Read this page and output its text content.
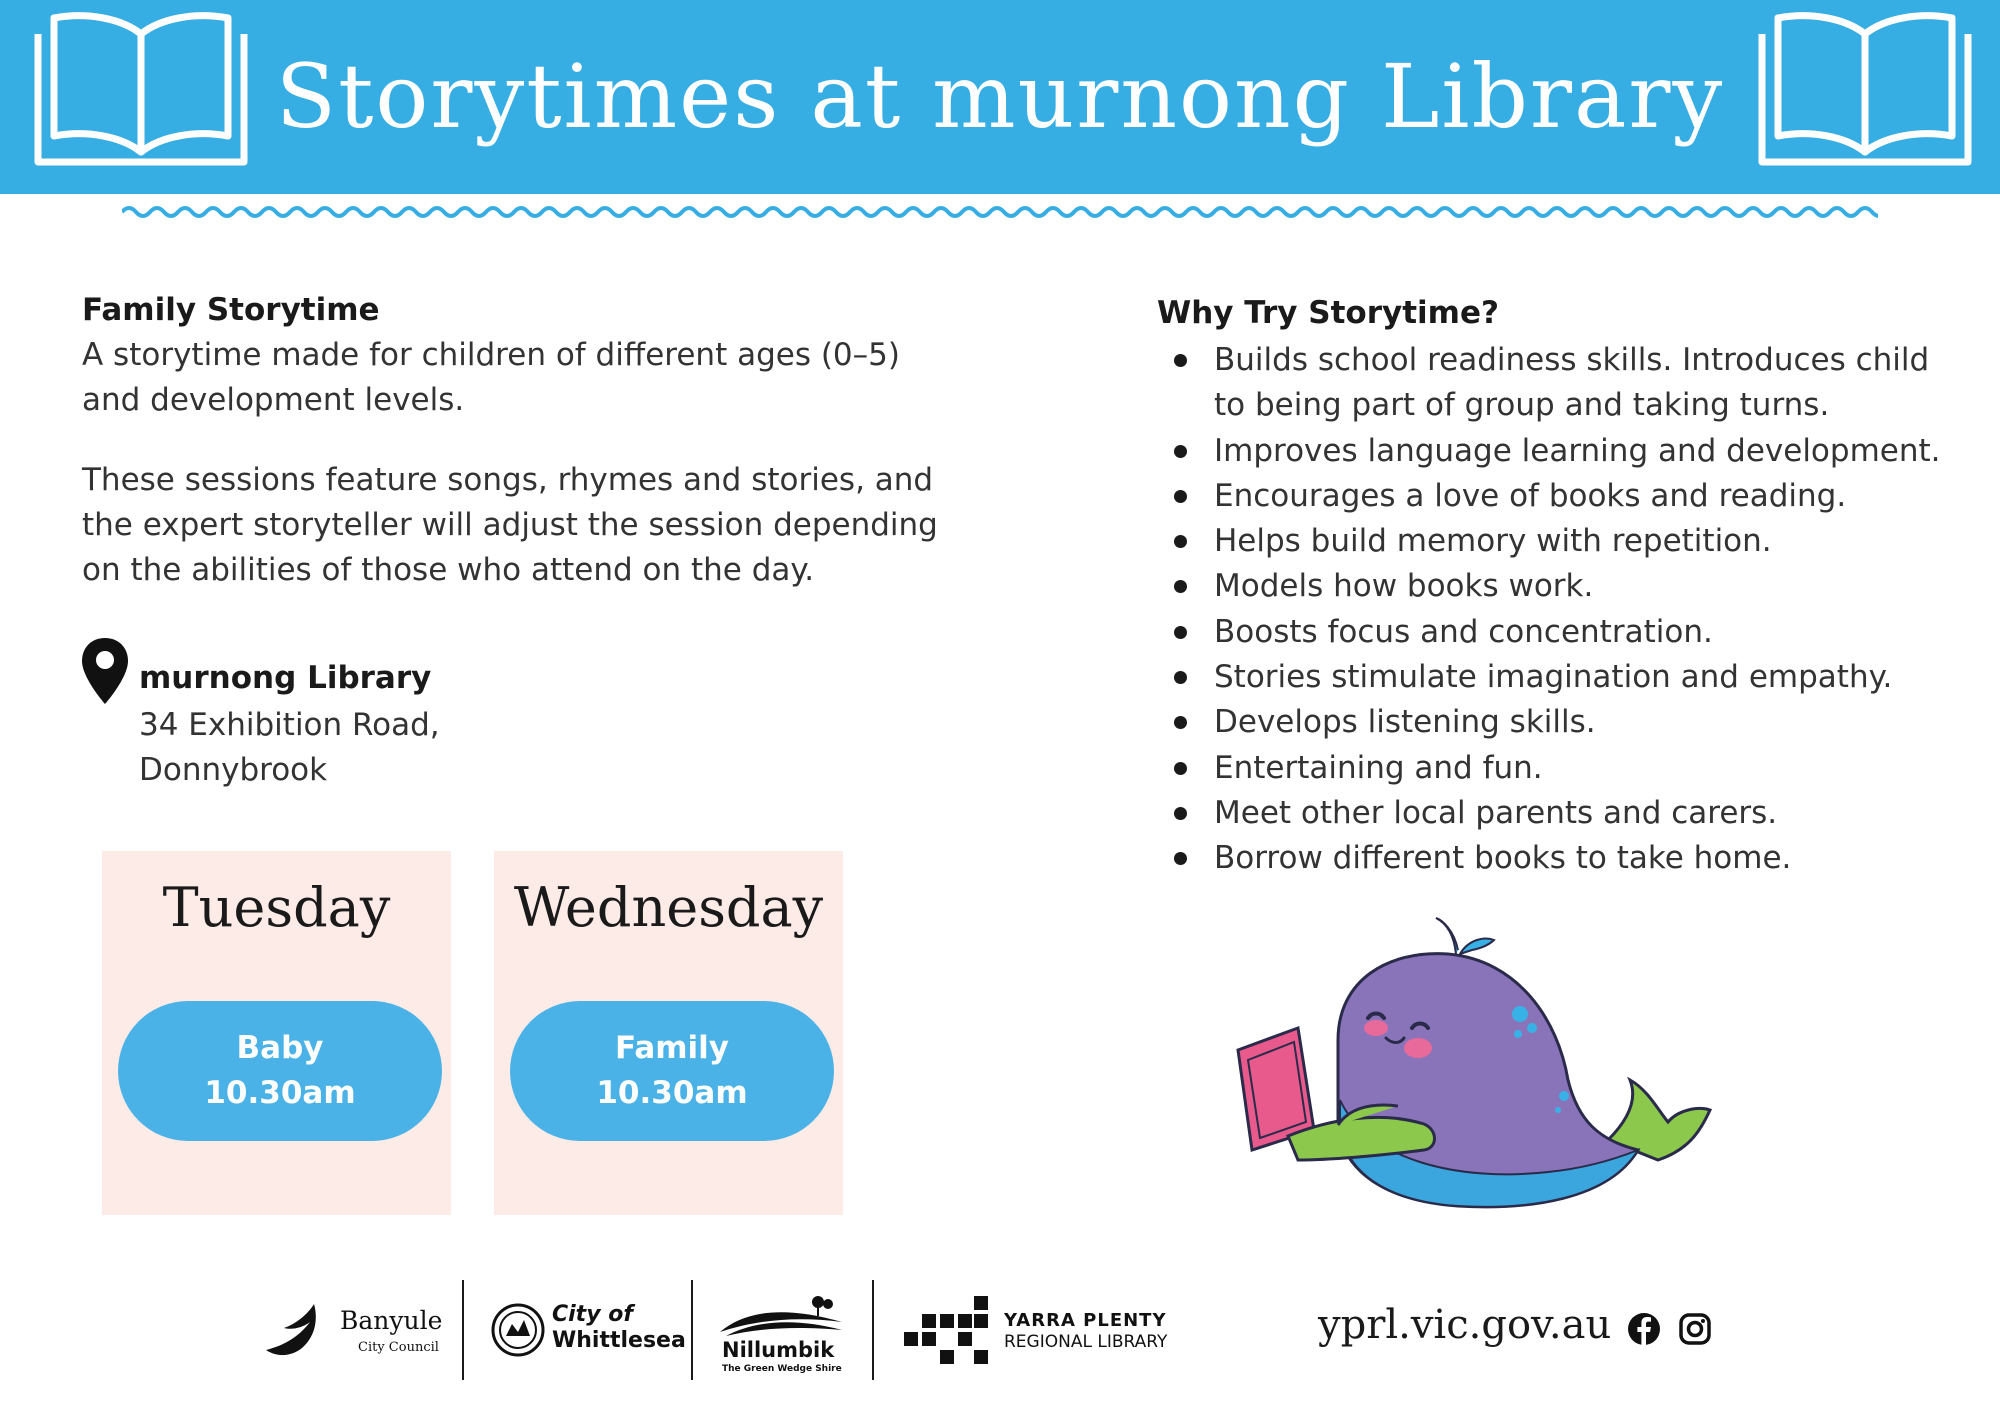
Storytimes at murnong Library
Family Storytime
A storytime made for children of different ages (0–5)
and development levels.
These sessions feature songs, rhymes and stories, and
the expert storyteller will adjust the session depending
on the abilities of those who attend on the day.
murnong Library
34 Exhibition Road,
Donnybrook
Tuesday
Baby
10.30am
Wednesday
Family
10.30am
Why Try Storytime?
Builds school readiness skills. Introduces child
to being part of group and taking turns.
Improves language learning and development.
Encourages a love of books and reading.
Helps build memory with repetition.
Models how books work.
Boosts focus and concentration.
Stories stimulate imagination and empathy.
Develops listening skills.
Entertaining and fun.
Meet other local parents and carers.
Borrow different books to take home.
Banyule
City Council
City of
Whittlesea Nillumbik
The Green Wedge Shire
YARRA PLENTY
REGIONAL LIBRARY	yprl.vic.gov.au
